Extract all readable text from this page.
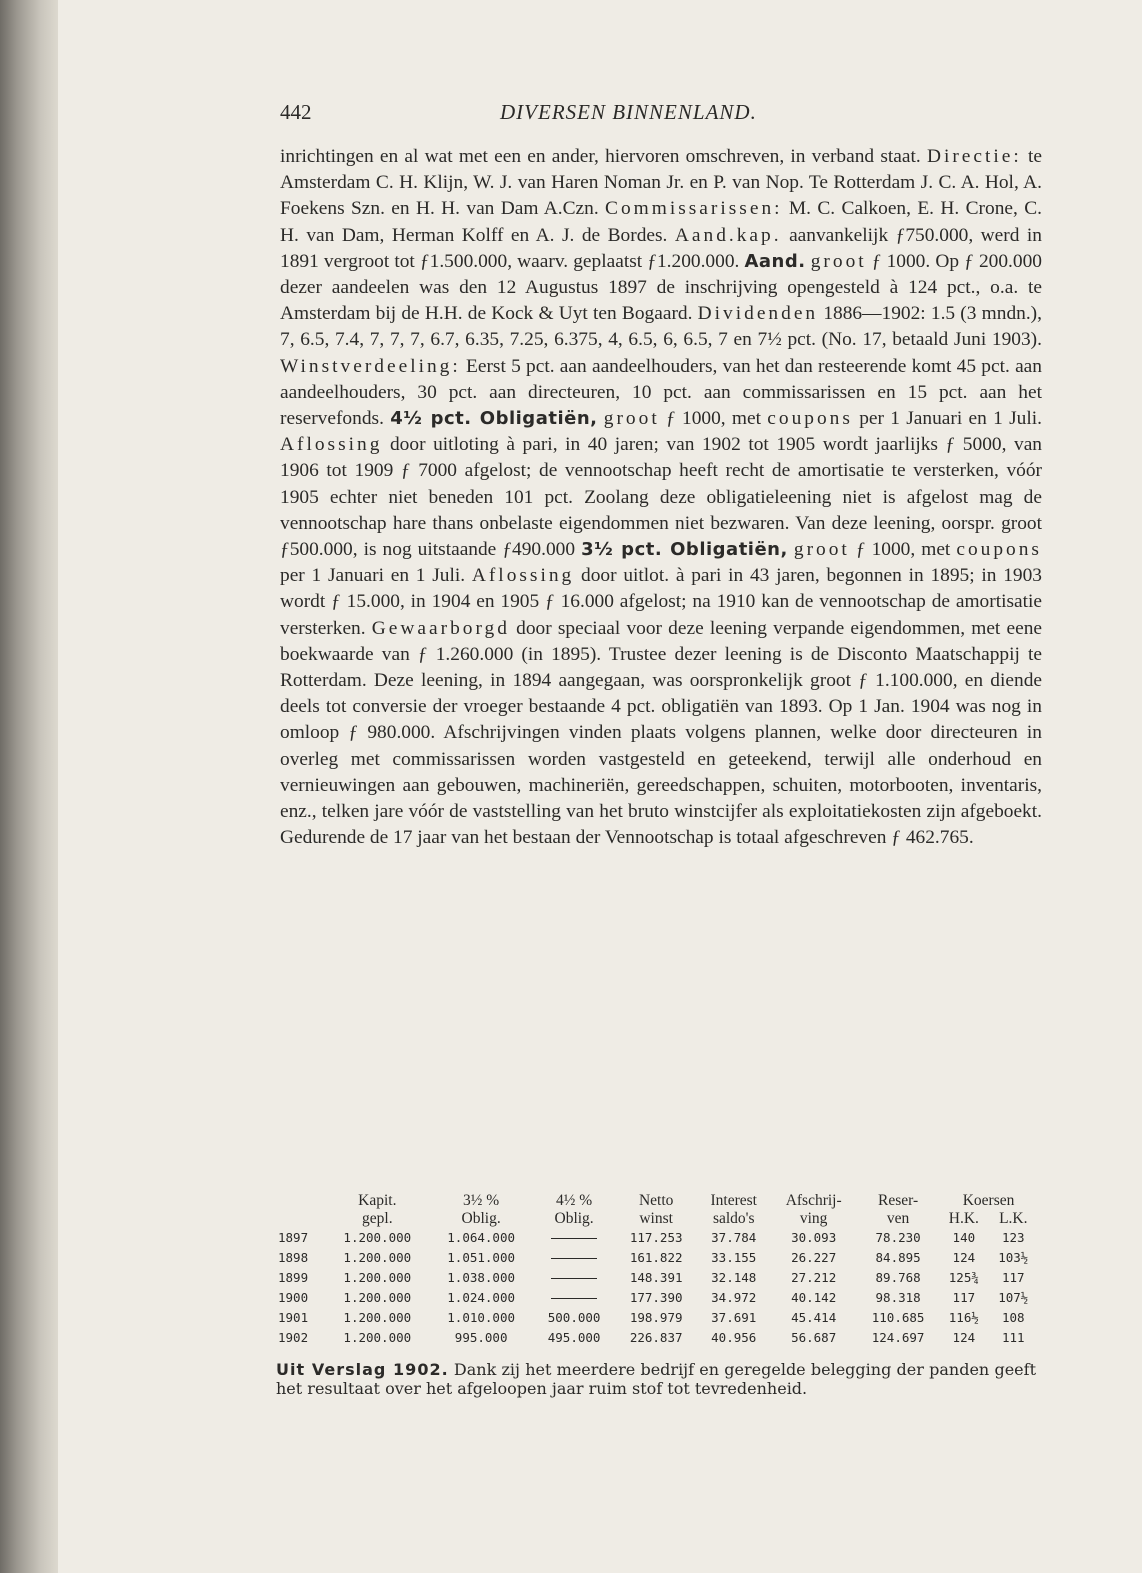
442	DIVERSEN BINNENLAND.

inrichtingen en al wat met een en ander, hiervoren omschreven, in verband staat. Directie: te Amsterdam C. H. Klijn, W. J. van Haren Noman Jr. en P. van Nop. Te Rotterdam J. C. A. Hol, A. Foekens Szn. en H. H. van Dam A.Czn. Commissarissen: M. C. Calkoen, E. H. Crone, C. H. van Dam, Herman Kolff en A. J. de Bordes. Aand.kap. aanvankelijk ƒ750.000, werd in 1891 vergroot tot ƒ1.500.000, waarv. geplaatst ƒ1.200.000. Aand. groot ƒ 1000. Op ƒ 200.000 dezer aandeelen was den 12 Augustus 1897 de inschrijving opengesteld à 124 pct., o.a. te Amsterdam bij de H.H. de Kock & Uyt ten Bogaard. Dividenden 1886—1902: 1.5 (3 mndn.), 7, 6.5, 7.4, 7, 7, 7, 6.7, 6.35, 7.25, 6.375, 4, 6.5, 6, 6.5, 7 en 7½ pct. (No. 17, betaald Juni 1903). Winstverdeeling: Eerst 5 pct. aan aandeelhouders, van het dan resteerende komt 45 pct. aan aandeelhouders, 30 pct. aan directeuren, 10 pct. aan commissarissen en 15 pct. aan het reservefonds. 4½ pct. Obligatiën, groot ƒ 1000, met coupons per 1 Januari en 1 Juli. Aflossing door uitloting à pari, in 40 jaren; van 1902 tot 1905 wordt jaarlijks ƒ 5000, van 1906 tot 1909 ƒ 7000 afgelost; de vennootschap heeft recht de amortisatie te versterken, vóór 1905 echter niet beneden 101 pct. Zoolang deze obligatieleening niet is afgelost mag de vennootschap hare thans onbelaste eigendommen niet bezwaren. Van deze leening, oorspr. groot ƒ500.000, is nog uitstaande ƒ490.000 3½ pct. Obligatiën, groot ƒ 1000, met coupons per 1 Januari en 1 Juli. Aflossing door uitlot. à pari in 43 jaren, begonnen in 1895; in 1903 wordt ƒ 15.000, in 1904 en 1905 ƒ 16.000 afgelost; na 1910 kan de vennootschap de amortisatie versterken. Gewaarborgd door speciaal voor deze leening verpande eigendommen, met eene boekwaarde van ƒ 1.260.000 (in 1895). Trustee dezer leening is de Disconto Maatschappij te Rotterdam. Deze leening, in 1894 aangegaan, was oorspronkelijk groot ƒ 1.100.000, en diende deels tot conversie der vroeger bestaande 4 pct. obligatiën van 1893. Op 1 Jan. 1904 was nog in omloop ƒ 980.000. Afschrijvingen vinden plaats volgens plannen, welke door directeuren in overleg met commissarissen worden vastgesteld en geteekend, terwijl alle onderhoud en vernieuwingen aan gebouwen, machineriën, gereedschappen, schuiten, motorbooten, inventaris, enz., telken jare vóór de vaststelling van het bruto winstcijfer als exploitatiekosten zijn afgeboekt. Gedurende de 17 jaar van het bestaan der Vennootschap is totaal afgeschreven ƒ 462.765.

	Kapit.	3½ %	4½ %	Netto	Interest	Afschrij-	Reser-	Koersen	
	gepl.	Oblig.	Oblig.	winst	saldo's	ving	ven	H.K.	L.K.
1897	1.200.000	1.064.000		117.253	37.784	30.093	78.230	140	123
1898	1.200.000	1.051.000		161.822	33.155	26.227	84.895	124	103½
1899	1.200.000	1.038.000		148.391	32.148	27.212	89.768	125¾	117
1900	1.200.000	1.024.000		177.390	34.972	40.142	98.318	117	107½
1901	1.200.000	1.010.000	500.000	198.979	37.691	45.414	110.685	116½	108
1902	1.200.000	995.000	495.000	226.837	40.956	56.687	124.697	124	111
Uit Verslag 1902. Dank zij het meerdere bedrijf en geregelde belegging der panden geeft het resultaat over het afgeloopen jaar ruim stof tot tevredenheid.
